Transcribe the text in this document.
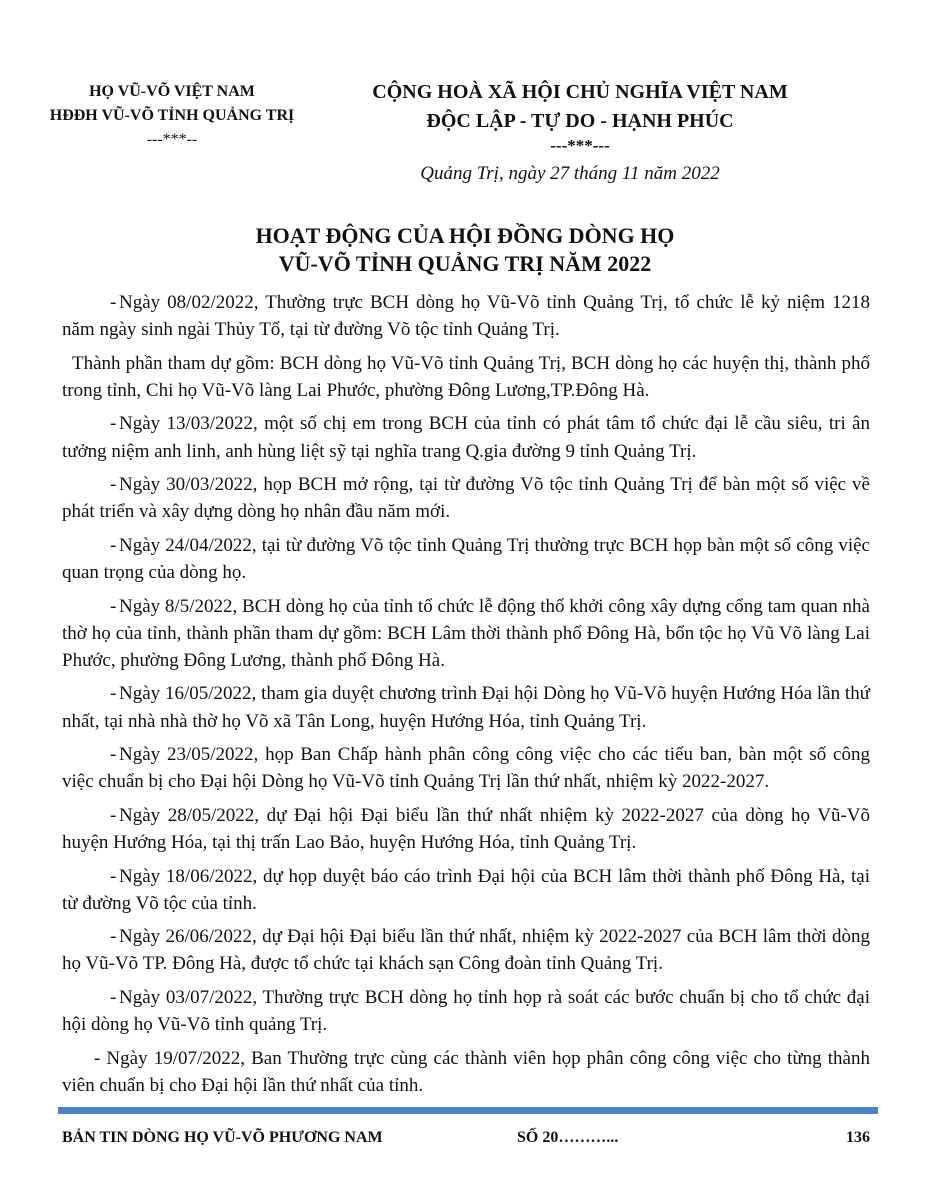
HỌ VŨ-VÕ VIỆT NAM
HĐĐH VŨ-VÕ TỈNH QUẢNG TRỊ
---***--
CỘNG HOÀ XÃ HỘI CHỦ NGHĨA VIỆT NAM
ĐỘC LẬP - TỰ DO - HẠNH PHÚC
---***---
Quảng Trị, ngày 27 tháng 11 năm 2022
HOẠT ĐỘNG CỦA HỘI ĐỒNG DÒNG HỌ
VŨ-VÕ TỈNH QUẢNG TRỊ NĂM 2022

- Ngày 08/02/2022, Thường trực BCH dòng họ Vũ-Võ tỉnh Quảng Trị, tổ chức lễ kỷ niệm 1218 năm ngày sinh ngài Thủy Tổ, tại từ đường Võ tộc tỉnh Quảng Trị.

Thành phần tham dự gồm: BCH dòng họ Vũ-Võ tỉnh Quảng Trị, BCH dòng họ các huyện thị, thành phố trong tỉnh, Chi họ Vũ-Võ làng Lai Phước, phường Đông Lương,TP.Đông Hà.

- Ngày 13/03/2022, một số chị em trong BCH của tỉnh có phát tâm tổ chức đại lễ cầu siêu, tri ân tưởng niệm anh linh, anh hùng liệt sỹ tại nghĩa trang Q.gia đường 9 tỉnh Quảng Trị.

- Ngày 30/03/2022, họp BCH mở rộng, tại từ đường Võ tộc tỉnh Quảng Trị để bàn một số việc về phát triển và xây dựng dòng họ nhân đầu năm mới.

- Ngày 24/04/2022, tại từ đường Võ tộc tỉnh Quảng Trị thường trực BCH họp bàn một số công việc quan trọng của dòng họ.

- Ngày 8/5/2022, BCH dòng họ của tỉnh tổ chức lễ động thổ khởi công xây dựng cổng tam quan nhà thờ họ của tỉnh, thành phần tham dự gồm: BCH Lâm thời thành phố Đông Hà, bổn tộc họ Vũ Võ làng Lai Phước, phường Đông Lương, thành phố Đông Hà.

- Ngày 16/05/2022, tham gia duyệt chương trình Đại hội Dòng họ Vũ-Võ huyện Hướng Hóa lần thứ nhất, tại nhà nhà thờ họ Võ xã Tân Long, huyện Hướng Hóa, tỉnh Quảng Trị.

- Ngày 23/05/2022, họp Ban Chấp hành phân công công việc cho các tiểu ban, bàn một số công việc chuẩn bị cho Đại hội Dòng họ Vũ-Võ tỉnh Quảng Trị lần thứ nhất, nhiệm kỳ 2022-2027.

- Ngày 28/05/2022, dự Đại hội Đại biểu lần thứ nhất nhiệm kỳ 2022-2027 của dòng họ Vũ-Võ huyện Hướng Hóa, tại thị trấn Lao Bảo, huyện Hướng Hóa, tỉnh Quảng Trị.

- Ngày 18/06/2022, dự họp duyệt báo cáo trình Đại hội của BCH lâm thời thành phố Đông Hà, tại từ đường Võ tộc của tỉnh.

- Ngày 26/06/2022, dự Đại hội Đại biểu lần thứ nhất, nhiệm kỳ 2022-2027 của BCH lâm thời dòng họ Vũ-Võ TP. Đông Hà, được tổ chức tại khách sạn Công đoàn tỉnh Quảng Trị.

- Ngày 03/07/2022, Thường trực BCH dòng họ tỉnh họp rà soát các bước chuẩn bị cho tổ chức đại hội dòng họ Vũ-Võ tỉnh quảng Trị.

- Ngày 19/07/2022, Ban Thường trực cùng các thành viên họp phân công công việc cho từng thành viên chuẩn bị cho Đại hội lần thứ nhất của tỉnh.

BẢN TIN DÒNG HỌ VŨ-VÕ PHƯƠNG NAM	SỐ 20………...	136
